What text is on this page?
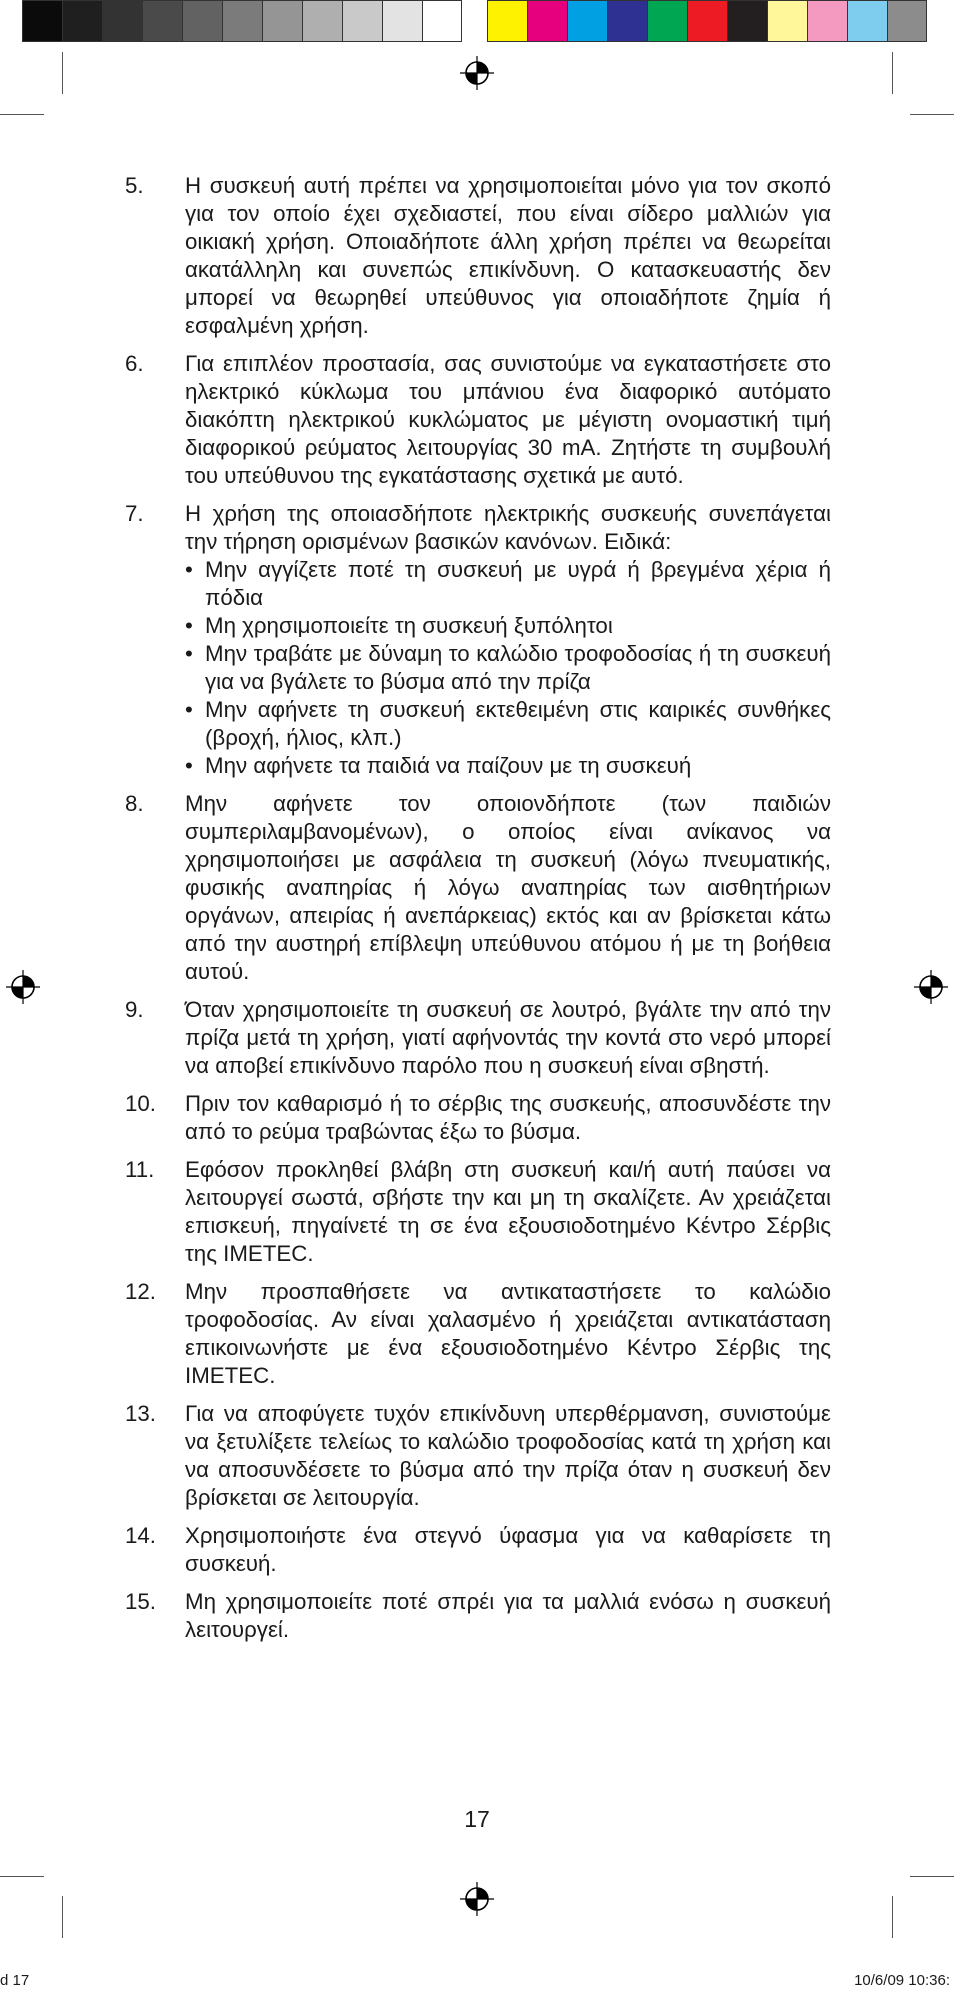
5.	Η συσκευή αυτή πρέπει να χρησιμοποιείται μόνο για τον σκοπό για τον οποίο έχει σχεδιαστεί, που είναι σίδερο μαλλιών για οικιακή χρήση. Οποιαδήποτε άλλη χρήση πρέπει να θεωρείται ακατάλληλη και συνεπώς επικίνδυνη. Ο κατασκευαστής δεν μπορεί να θεωρηθεί υπεύθυνος για οποιαδήποτε ζημία ή εσφαλμένη χρήση.
6.	Για επιπλέον προστασία, σας συνιστούμε να εγκαταστήσετε στο ηλεκτρικό κύκλωμα του μπάνιου ένα διαφορικό αυτόματο διακόπτη ηλεκτρικού κυκλώματος με μέγιστη ονομαστική τιμή διαφορικού ρεύματος λειτουργίας 30 mA. Ζητήστε τη συμβουλή του υπεύθυνου της εγκατάστασης σχετικά με αυτό.
7.	Η χρήση της οποιασδήποτε ηλεκτρικής συσκευής συνεπάγεται την τήρηση ορισμένων βασικών κανόνων. Ειδικά:
• Μην αγγίζετε ποτέ τη συσκευή με υγρά ή βρεγμένα χέρια ή πόδια
• Μη χρησιμοποιείτε τη συσκευή ξυπόλητοι
• Μην τραβάτε με δύναμη το καλώδιο τροφοδοσίας ή τη συσκευή για να βγάλετε το βύσμα από την πρίζα
• Μην αφήνετε τη συσκευή εκτεθειμένη στις καιρικές συνθήκες (βροχή, ήλιος, κλπ.)
• Μην αφήνετε τα παιδιά να παίζουν με τη συσκευή
8.	Μην αφήνετε τον οποιονδήποτε (των παιδιών συμπεριλαμβανομένων), ο οποίος είναι ανίκανος να χρησιμοποιήσει με ασφάλεια τη συσκευή (λόγω πνευματικής, φυσικής αναπηρίας ή λόγω αναπηρίας των αισθητήριων οργάνων, απειρίας ή ανεπάρκειας) εκτός και αν βρίσκεται κάτω από την αυστηρή επίβλεψη υπεύθυνου ατόμου ή με τη βοήθεια αυτού.
9.	Όταν χρησιμοποιείτε τη συσκευή σε λουτρό, βγάλτε την από την πρίζα μετά τη χρήση, γιατί αφήνοντάς την κοντά στο νερό μπορεί να αποβεί επικίνδυνο παρόλο που η συσκευή είναι σβηστή.
10.	Πριν τον καθαρισμό ή το σέρβις της συσκευής, αποσυνδέστε την από το ρεύμα τραβώντας έξω το βύσμα.
11.	Εφόσον προκληθεί βλάβη στη συσκευή και/ή αυτή παύσει να λειτουργεί σωστά, σβήστε την και μη τη σκαλίζετε. Αν χρειάζεται επισκευή, πηγαίνετέ τη σε ένα εξουσιοδοτημένο Κέντρο Σέρβις της IMETEC.
12.	Μην προσπαθήσετε να αντικαταστήσετε το καλώδιο τροφοδοσίας. Αν είναι χαλασμένο ή χρειάζεται αντικατάσταση επικοινωνήστε με ένα εξουσιοδοτημένο Κέντρο Σέρβις της IMETEC.
13.	Για να αποφύγετε τυχόν επικίνδυνη υπερθέρμανση, συνιστούμε να ξετυλίξετε τελείως το καλώδιο τροφοδοσίας κατά τη χρήση και να αποσυνδέσετε το βύσμα από την πρίζα όταν η συσκευή δεν βρίσκεται σε λειτουργία.
14.	Χρησιμοποιήστε ένα στεγνό ύφασμα για να καθαρίσετε τη συσκευή.
15.	Μη χρησιμοποιείτε ποτέ σπρέι για τα μαλλιά ενόσω η συσκευή λειτουργεί.
17
d 17	10/6/09 10:36:
